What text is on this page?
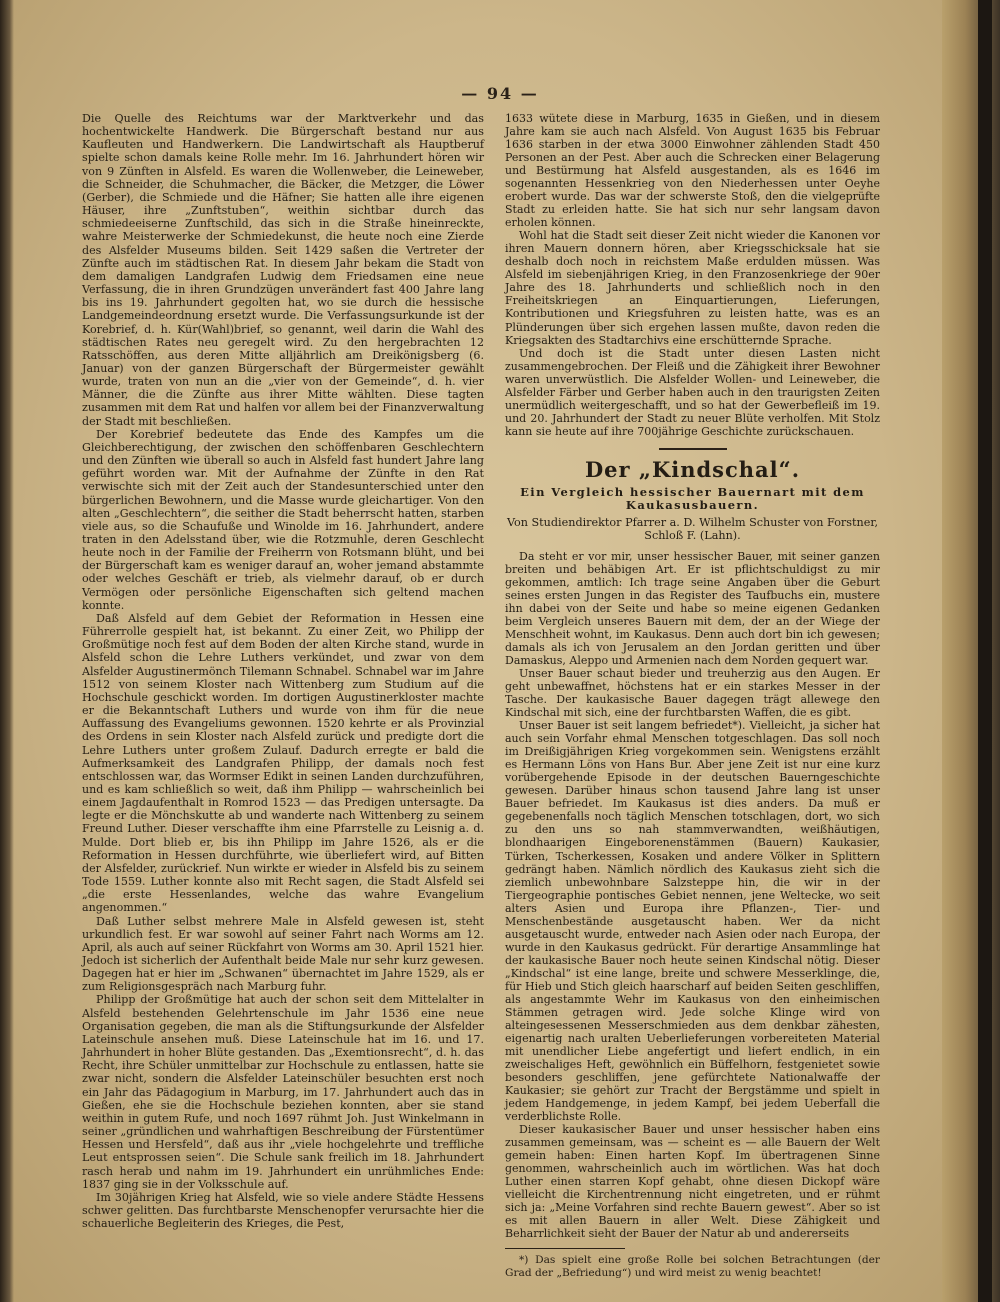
— 94 —

Die Quelle des Reichtums war der Marktverkehr und das hochentwickelte Handwerk. Die Bürgerschaft bestand nur aus Kaufleuten und Handwerkern. Die Landwirtschaft als Hauptberuf spielte schon damals keine Rolle mehr. Im 16. Jahrhundert hören wir von 9 Zünften in Alsfeld. Es waren die Wollenweber, die Leineweber, die Schneider, die Schuhmacher, die Bäcker, die Metzger, die Löwer (Gerber), die Schmiede und die Häfner; Sie hatten alle ihre eigenen Häuser, ihre „Zunftstuben“, weithin sichtbar durch das schmiedeeiserne Zunftschild, das sich in die Straße hineinreckte, wahre Meisterwerke der Schmiedekunst, die heute noch eine Zierde des Alsfelder Museums bilden. Seit 1429 saßen die Vertreter der Zünfte auch im städtischen Rat. In diesem Jahr bekam die Stadt von dem damaligen Landgrafen Ludwig dem Friedsamen eine neue Verfassung, die in ihren Grundzügen unverändert fast 400 Jahre lang bis ins 19. Jahrhundert gegolten hat, wo sie durch die hessische Landgemeindeordnung ersetzt wurde. Die Verfassungsurkunde ist der Korebrief, d. h. Kür(Wahl)brief, so genannt, weil darin die Wahl des städtischen Rates neu geregelt wird. Zu den hergebrachten 12 Ratsschöffen, aus deren Mitte alljährlich am Dreikönigsberg (6. Januar) von der ganzen Bürgerschaft der Bürgermeister gewählt wurde, traten von nun an die „vier von der Gemeinde“, d. h. vier Männer, die die Zünfte aus ihrer Mitte wählten. Diese tagten zusammen mit dem Rat und halfen vor allem bei der Finanzverwaltung der Stadt mit beschließen.

Der Korebrief bedeutete das Ende des Kampfes um die Gleichberechtigung, der zwischen den schöffenbaren Geschlechtern und den Zünften wie überall so auch in Alsfeld fast hundert Jahre lang geführt worden war. Mit der Aufnahme der Zünfte in den Rat verwischte sich mit der Zeit auch der Standesunterschied unter den bürgerlichen Bewohnern, und die Masse wurde gleichartiger. Von den alten „Geschlechtern“, die seither die Stadt beherrscht hatten, starben viele aus, so die Schaufuße und Winolde im 16. Jahrhundert, andere traten in den Adelsstand über, wie die Rotzmuhle, deren Geschlecht heute noch in der Familie der Freiherrn von Rotsmann blüht, und bei der Bürgerschaft kam es weniger darauf an, woher jemand abstammte oder welches Geschäft er trieb, als vielmehr darauf, ob er durch Vermögen oder persönliche Eigenschaften sich geltend machen konnte.

Daß Alsfeld auf dem Gebiet der Reformation in Hessen eine Führerrolle gespielt hat, ist bekannt. Zu einer Zeit, wo Philipp der Großmütige noch fest auf dem Boden der alten Kirche stand, wurde in Alsfeld schon die Lehre Luthers verkündet, und zwar von dem Alsfelder Augustinermönch Tilemann Schnabel. Schnabel war im Jahre 1512 von seinem Kloster nach Wittenberg zum Studium auf die Hochschule geschickt worden. Im dortigen Augustinerkloster machte er die Bekanntschaft Luthers und wurde von ihm für die neue Auffassung des Evangeliums gewonnen. 1520 kehrte er als Provinzial des Ordens in sein Kloster nach Alsfeld zurück und predigte dort die Lehre Luthers unter großem Zulauf. Dadurch erregte er bald die Aufmerksamkeit des Landgrafen Philipp, der damals noch fest entschlossen war, das Wormser Edikt in seinen Landen durchzuführen, und es kam schließlich so weit, daß ihm Philipp — wahrscheinlich bei einem Jagdaufenthalt in Romrod 1523 — das Predigen untersagte. Da legte er die Mönchskutte ab und wanderte nach Wittenberg zu seinem Freund Luther. Dieser verschaffte ihm eine Pfarrstelle zu Leisnig a. d. Mulde. Dort blieb er, bis ihn Philipp im Jahre 1526, als er die Reformation in Hessen durchführte, wie überliefert wird, auf Bitten der Alsfelder, zurückrief. Nun wirkte er wieder in Alsfeld bis zu seinem Tode 1559. Luther konnte also mit Recht sagen, die Stadt Alsfeld sei „die erste Hessenlandes, welche das wahre Evangelium angenommen.“

Daß Luther selbst mehrere Male in Alsfeld gewesen ist, steht urkundlich fest. Er war sowohl auf seiner Fahrt nach Worms am 12. April, als auch auf seiner Rückfahrt von Worms am 30. April 1521 hier. Jedoch ist sicherlich der Aufenthalt beide Male nur sehr kurz gewesen. Dagegen hat er hier im „Schwanen“ übernachtet im Jahre 1529, als er zum Religionsgespräch nach Marburg fuhr.

Philipp der Großmütige hat auch der schon seit dem Mittelalter in Alsfeld bestehenden Gelehrtenschule im Jahr 1536 eine neue Organisation gegeben, die man als die Stiftungsurkunde der Alsfelder Lateinschule ansehen muß. Diese Lateinschule hat im 16. und 17. Jahrhundert in hoher Blüte gestanden. Das „Exemtionsrecht“, d. h. das Recht, ihre Schüler unmittelbar zur Hochschule zu entlassen, hatte sie zwar nicht, sondern die Alsfelder Lateinschüler besuchten erst noch ein Jahr das Pädagogium in Marburg, im 17. Jahrhundert auch das in Gießen, ehe sie die Hochschule beziehen konnten, aber sie stand weithin in gutem Rufe, und noch 1697 rühmt Joh. Just Winkelmann in seiner „gründlichen und wahrhaftigen Beschreibung der Fürstentümer Hessen und Hersfeld“, daß aus ihr „viele hochgelehrte und treffliche Leut entsprossen seien“. Die Schule sank freilich im 18. Jahrhundert rasch herab und nahm im 19. Jahrhundert ein unrühmliches Ende: 1837 ging sie in der Volksschule auf.

Im 30jährigen Krieg hat Alsfeld, wie so viele andere Städte Hessens schwer gelitten. Das furchtbarste Menschenopfer verursachte hier die schauerliche Begleiterin des Krieges, die Pest,

1633 wütete diese in Marburg, 1635 in Gießen, und in diesem Jahre kam sie auch nach Alsfeld. Von August 1635 bis Februar 1636 starben in der etwa 3000 Einwohner zählenden Stadt 450 Personen an der Pest. Aber auch die Schrecken einer Belagerung und Bestürmung hat Alsfeld ausgestanden, als es 1646 im sogenannten Hessenkrieg von den Niederhessen unter Oeyhe erobert wurde. Das war der schwerste Stoß, den die vielgeprüfte Stadt zu erleiden hatte. Sie hat sich nur sehr langsam davon erholen können.

Wohl hat die Stadt seit dieser Zeit nicht wieder die Kanonen vor ihren Mauern donnern hören, aber Kriegsschicksale hat sie deshalb doch noch in reichstem Maße erdulden müssen. Was Alsfeld im siebenjährigen Krieg, in den Franzosenkriege der 90er Jahre des 18. Jahrhunderts und schließlich noch in den Freiheitskriegen an Einquartierungen, Lieferungen, Kontributionen und Kriegsfuhren zu leisten hatte, was es an Plünderungen über sich ergehen lassen mußte, davon reden die Kriegsakten des Stadtarchivs eine erschütternde Sprache.

Und doch ist die Stadt unter diesen Lasten nicht zusammengebrochen. Der Fleiß und die Zähigkeit ihrer Bewohner waren unverwüstlich. Die Alsfelder Wollen- und Leineweber, die Alsfelder Färber und Gerber haben auch in den traurigsten Zeiten unermüdlich weitergeschafft, und so hat der Gewerbefleiß im 19. und 20. Jahrhundert der Stadt zu neuer Blüte verholfen. Mit Stolz kann sie heute auf ihre 700jährige Geschichte zurückschauen.

Der „Kindschal“.
Ein Vergleich hessischer Bauernart mit dem Kaukasusbauern.
Von Studiendirektor Pfarrer a. D. Wilhelm Schuster von Forstner, Schloß F. (Lahn).

Da steht er vor mir, unser hessischer Bauer, mit seiner ganzen breiten und behäbigen Art. Er ist pflichtschuldigst zu mir gekommen, amtlich: Ich trage seine Angaben über die Geburt seines ersten Jungen in das Register des Taufbuchs ein, mustere ihn dabei von der Seite und habe so meine eigenen Gedanken beim Vergleich unseres Bauern mit dem, der an der Wiege der Menschheit wohnt, im Kaukasus. Denn auch dort bin ich gewesen; damals als ich von Jerusalem an den Jordan geritten und über Damaskus, Aleppo und Armenien nach dem Norden gequert war.

Unser Bauer schaut bieder und treuherzig aus den Augen. Er geht unbewaffnet, höchstens hat er ein starkes Messer in der Tasche. Der kaukasische Bauer dagegen trägt allewege den Kindschal mit sich, eine der furchtbarsten Waffen, die es gibt.

Unser Bauer ist seit langem befriedet*). Vielleicht, ja sicher hat auch sein Vorfahr ehmal Menschen totgeschlagen. Das soll noch im Dreißigjährigen Krieg vorgekommen sein. Wenigstens erzählt es Hermann Löns von Hans Bur. Aber jene Zeit ist nur eine kurz vorübergehende Episode in der deutschen Bauerngeschichte gewesen. Darüber hinaus schon tausend Jahre lang ist unser Bauer befriedet. Im Kaukasus ist dies anders. Da muß er gegebenenfalls noch täglich Menschen totschlagen, dort, wo sich zu den uns so nah stammverwandten, weißhäutigen, blondhaarigen Eingeborenenstämmen (Bauern) Kaukasier, Türken, Tscherkessen, Kosaken und andere Völker in Splittern gedrängt haben. Nämlich nördlich des Kaukasus zieht sich die ziemlich unbewohnbare Salzsteppe hin, die wir in der Tiergeographie pontisches Gebiet nennen, jene Weltecke, wo seit alters Asien und Europa ihre Pflanzen-, Tier- und Menschenbestände ausgetauscht haben. Wer da nicht ausgetauscht wurde, entweder nach Asien oder nach Europa, der wurde in den Kaukasus gedrückt. Für derartige Ansammlinge hat der kaukasische Bauer noch heute seinen Kindschal nötig. Dieser „Kindschal“ ist eine lange, breite und schwere Messerklinge, die, für Hieb und Stich gleich haarscharf auf beiden Seiten geschliffen, als angestammte Wehr im Kaukasus von den einheimischen Stämmen getragen wird. Jede solche Klinge wird von alteingesessenen Messerschmieden aus dem denkbar zähesten, eigenartig nach uralten Ueberlieferungen vorbereiteten Material mit unendlicher Liebe angefertigt und liefert endlich, in ein zweischaliges Heft, gewöhnlich ein Büffelhorn, festgenietet sowie besonders geschliffen, jene gefürchtete Nationalwaffe der Kaukasier; sie gehört zur Tracht der Bergstämme und spielt in jedem Handgemenge, in jedem Kampf, bei jedem Ueberfall die verderblichste Rolle.

Dieser kaukasischer Bauer und unser hessischer haben eins zusammen gemeinsam, was — scheint es — alle Bauern der Welt gemein haben: Einen harten Kopf. Im übertragenen Sinne genommen, wahrscheinlich auch im wörtlichen. Was hat doch Luther einen starren Kopf gehabt, ohne diesen Dickopf wäre vielleicht die Kirchentrennung nicht eingetreten, und er rühmt sich ja: „Meine Vorfahren sind rechte Bauern gewest“. Aber so ist es mit allen Bauern in aller Welt. Diese Zähigkeit und Beharrlichkeit sieht der Bauer der Natur ab und andererseits

*) Das spielt eine große Rolle bei solchen Betrachtungen (der Grad der „Befriedung“) und wird meist zu wenig beachtet!
